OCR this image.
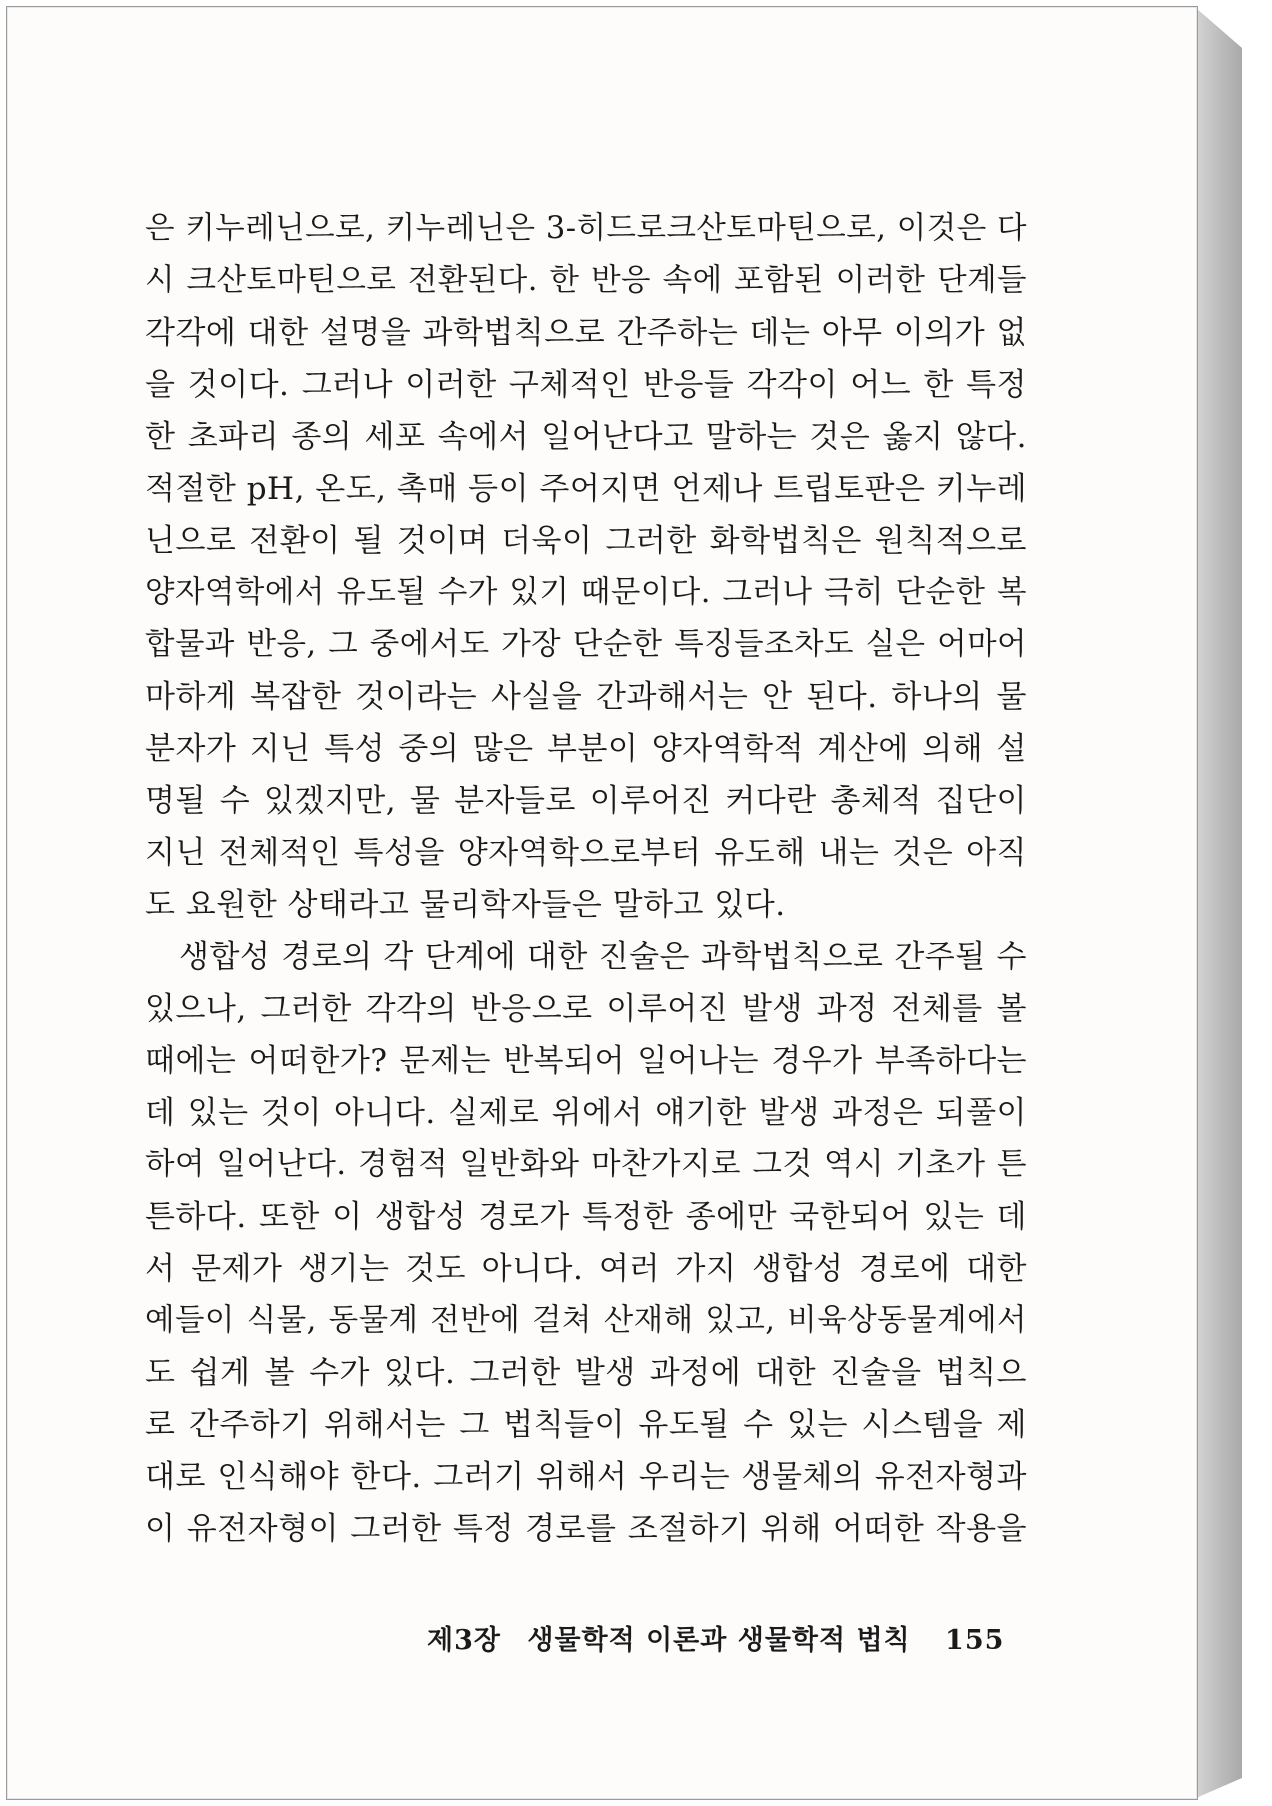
은 키누레닌으로, 키누레닌은 3-히드로크산토마틴으로, 이것은 다
시 크산토마틴으로 전환된다. 한 반응 속에 포함된 이러한 단계들
각각에 대한 설명을 과학법칙으로 간주하는 데는 아무 이의가 없
을 것이다. 그러나 이러한 구체적인 반응들 각각이 어느 한 특정
한 초파리 종의 세포 속에서 일어난다고 말하는 것은 옳지 않다.
적절한 pH, 온도, 촉매 등이 주어지면 언제나 트립토판은 키누레
닌으로 전환이 될 것이며 더욱이 그러한 화학법칙은 원칙적으로
양자역학에서 유도될 수가 있기 때문이다. 그러나 극히 단순한 복
합물과 반응, 그 중에서도 가장 단순한 특징들조차도 실은 어마어
마하게 복잡한 것이라는 사실을 간과해서는 안 된다. 하나의 물
분자가 지닌 특성 중의 많은 부분이 양자역학적 계산에 의해 설
명될 수 있겠지만, 물 분자들로 이루어진 커다란 총체적 집단이
지닌 전체적인 특성을 양자역학으로부터 유도해 내는 것은 아직
도 요원한 상태라고 물리학자들은 말하고 있다.
생합성 경로의 각 단계에 대한 진술은 과학법칙으로 간주될 수
있으나, 그러한 각각의 반응으로 이루어진 발생 과정 전체를 볼
때에는 어떠한가? 문제는 반복되어 일어나는 경우가 부족하다는
데 있는 것이 아니다. 실제로 위에서 얘기한 발생 과정은 되풀이
하여 일어난다. 경험적 일반화와 마찬가지로 그것 역시 기초가 튼
튼하다. 또한 이 생합성 경로가 특정한 종에만 국한되어 있는 데
서 문제가 생기는 것도 아니다. 여러 가지 생합성 경로에 대한
예들이 식물, 동물계 전반에 걸쳐 산재해 있고, 비육상동물계에서
도 쉽게 볼 수가 있다. 그러한 발생 과정에 대한 진술을 법칙으
로 간주하기 위해서는 그 법칙들이 유도될 수 있는 시스템을 제
대로 인식해야 한다. 그러기 위해서 우리는 생물체의 유전자형과
이 유전자형이 그러한 특정 경로를 조절하기 위해 어떠한 작용을
제3장 생물학적 이론과 생물학적 법칙 155
